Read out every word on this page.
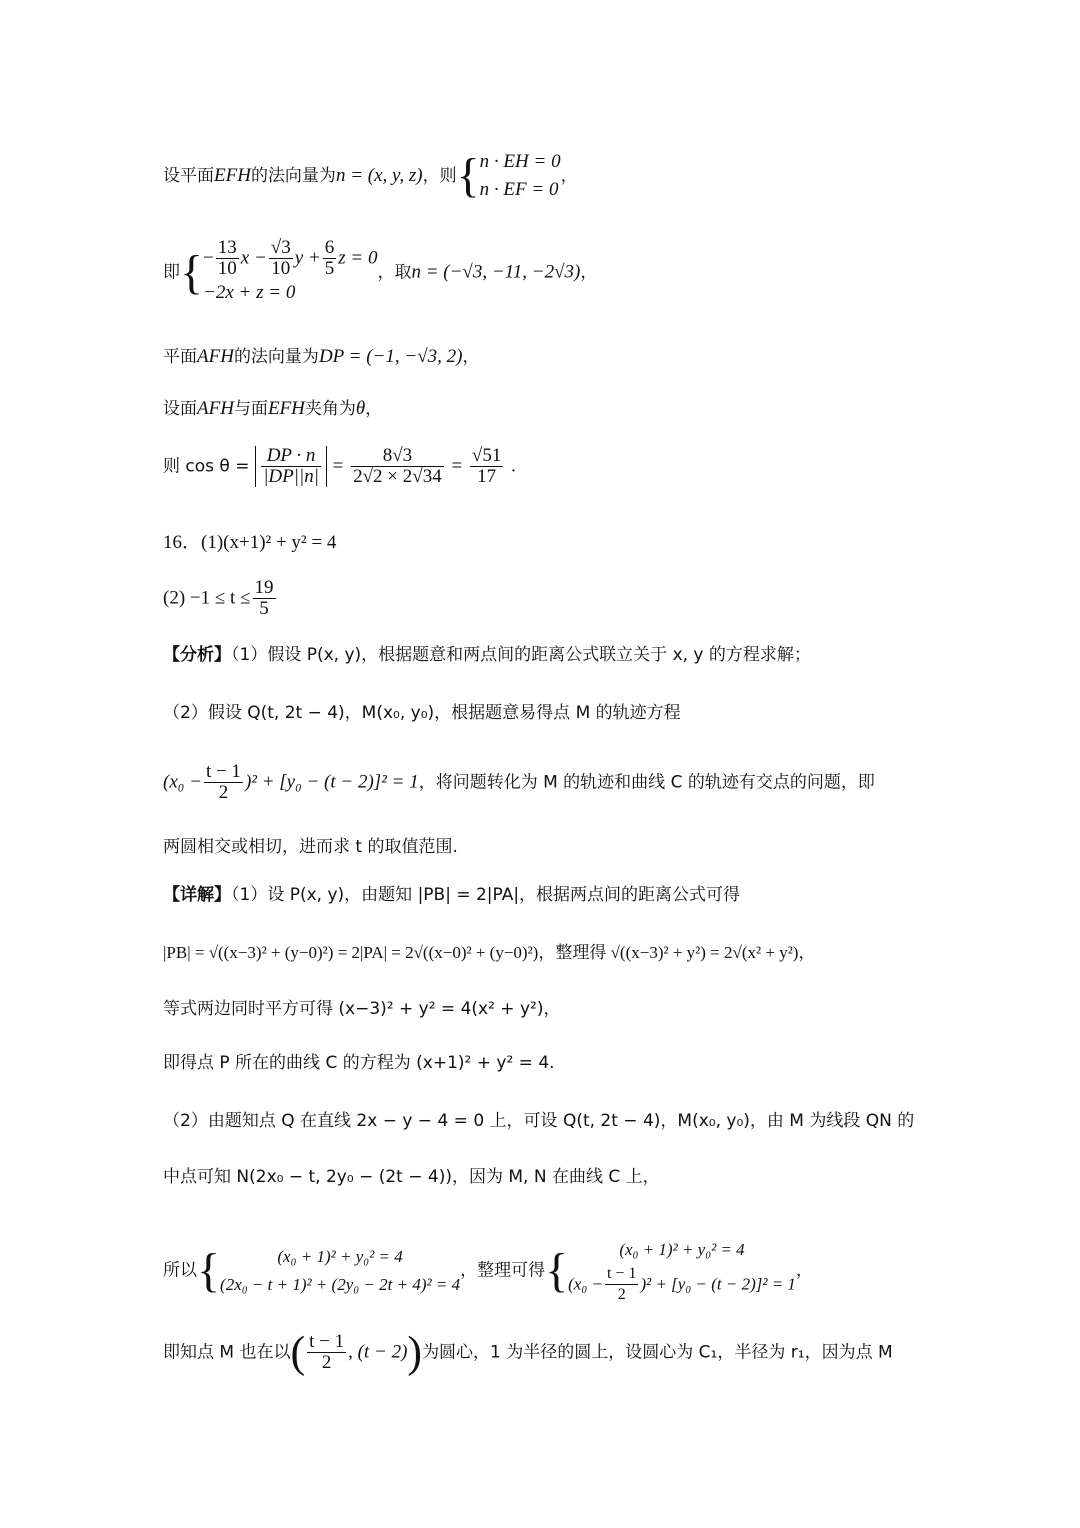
设平面EFH的法向量为n = (x, y, z)，则{ n · EH = 0
n · EF = 0
，
即{ − $\frac{13}{10}$ $x - \frac{√3}{10}$ $y + \frac{6}{5}$ z = 0
−2x + z = 0
，取n = (−√3, −11, −2√3)，
平面AFH的法向量为DP = (−1, −√3, 2)，
设面AFH与面EFH夹角为θ，
则 $\cos \theta = \frac{DP \cdot n}{|DP||n|} = \frac{8√3}{2√2 \times 2√34} = \frac{√51}{17}$ .
16．(1)(x+1)² + y² = 4
$(2) -1 \le t \le \frac{19}{5}$
【分析】（1）假设 P(x, y)，根据题意和两点间的距离公式联立关于 x, y 的方程求解；
（2）假设 Q(t, 2t − 4)，M(x₀, y₀)，根据题意易得点 M 的轨迹方程
$(x_0 - \frac{t - 1}{2} )^2 + [y_0 - (t - 2)]^2 = 1$，将问题转化为 M 的轨迹和曲线 C 的轨迹有交点的问题，即
两圆相交或相切，进而求 t 的取值范围.
【详解】（1）设 P(x, y)，由题知 |PB| = 2|PA|，根据两点间的距离公式可得
|PB| = √((x−3)² + (y−0)²) = 2|PA| = 2√((x−0)² + (y−0)²)，整理得 √((x−3)² + y²) = 2√(x² + y²)，
等式两边同时平方可得 (x−3)² + y² = 4(x² + y²)，
即得点 P 所在的曲线 C 的方程为 (x+1)² + y² = 4.
（2）由题知点 Q 在直线 2x − y − 4 = 0 上，可设 Q(t, 2t − 4)，M(x₀, y₀)，由 M 为线段 QN 的
中点可知 N(2x₀ − t, 2y₀ − (2t − 4))，因为 M, N 在曲线 C 上，
所以{	(x₀ + 1)² + y₀² = 4
(2x₀ − t + 1)² + (2y₀ − 2t + 4)² = 4
，整理可得{	(x₀ + 1)² + y₀² = 4
$(x_0 - \frac{t - 1}{2} )^2 + [y_0 - (t - 2)]^2 = 1$
，
即知点 M 也在以( $\frac{t - 1}{2}$ , (t − 2))为圆心，1 为半径的圆上，设圆心为 C₁，半径为 r₁，因为点 M
